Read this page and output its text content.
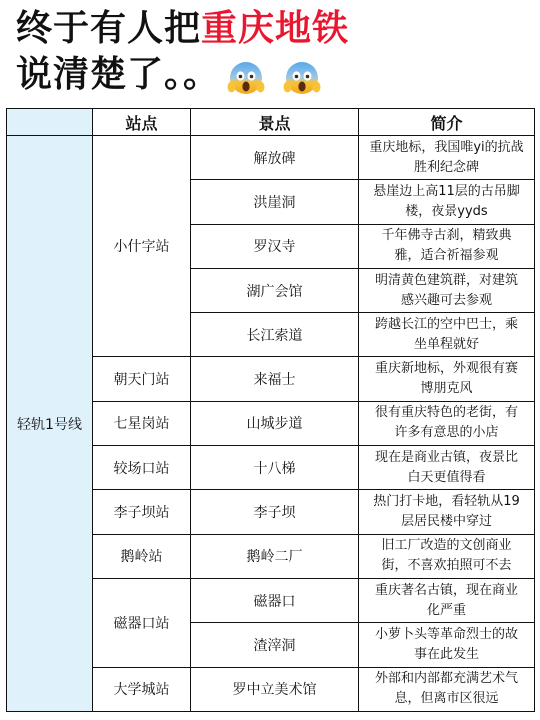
终于有人把重庆地铁
说清楚了。。
	站点	景点	简介
轻轨1号线	小什字站	解放碑	重庆地标，我国唯yi的抗战胜利纪念碑
		洪崖洞	悬崖边上高11层的古吊脚楼，夜景yyds
		罗汉寺	千年佛寺古刹，精致典雅，适合祈福参观
		湖广会馆	明清黄色建筑群，对建筑感兴趣可去参观
		长江索道	跨越长江的空中巴士，乘坐单程就好
	朝天门站	来福士	重庆新地标，外观很有赛博朋克风
	七星岗站	山城步道	很有重庆特色的老街，有许多有意思的小店
	较场口站	十八梯	现在是商业古镇，夜景比白天更值得看
	李子坝站	李子坝	热门打卡地，看轻轨从19层居民楼中穿过
	鹅岭站	鹅岭二厂	旧工厂改造的文创商业街，不喜欢拍照可不去
	磁器口站	磁器口	重庆著名古镇，现在商业化严重
		渣滓洞	小萝卜头等革命烈士的故事在此发生
	大学城站	罗中立美术馆	外部和内部都充满艺术气息，但离市区很远
